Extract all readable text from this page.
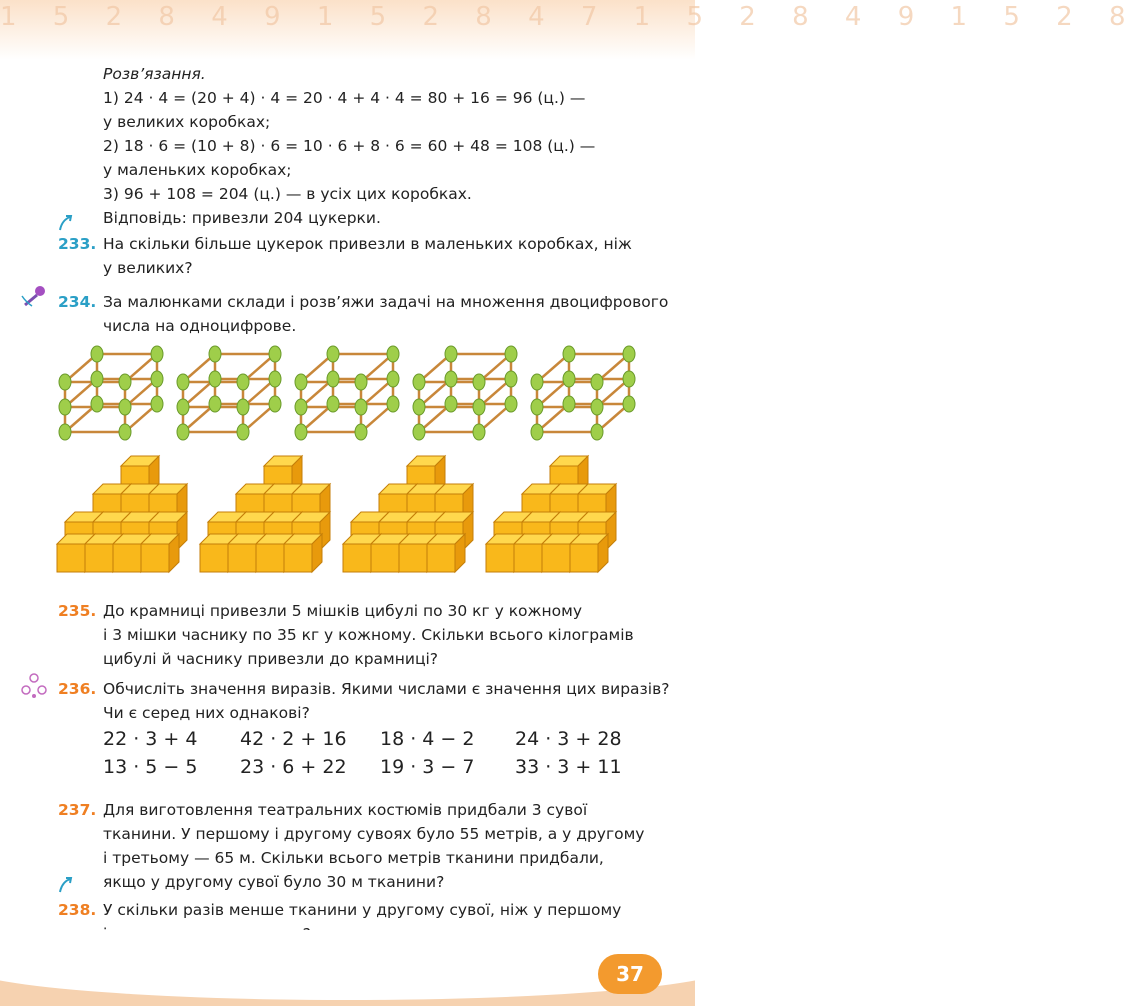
1 5 2 8 4 9 1 5 2 8 4 7 1 5 2 8 4 9 1 5 2 8
Розв’язання.
1) 24 · 4 = (20 + 4) · 4 = 20 · 4 + 4 · 4 = 80 + 16 = 96 (ц.) —
у великих коробках;
2) 18 · 6 = (10 + 8) · 6 = 10 · 6 + 8 · 6 = 60 + 48 = 108 (ц.) —
у маленьких коробках;
3) 96 + 108 = 204 (ц.) — в усіх цих коробках.
Відповідь: привезли 204 цукерки.
233. На скільки більше цукерок привезли в маленьких коробках, ніж
у великих?
234. За малюнками склади і розв’яжи задачі на множення двоцифрового
числа на одноцифрове.
235. До крамниці привезли 5 мішків цибулі по 30 кг у кожному
і 3 мішки часнику по 35 кг у кожному. Скільки всього кілограмів
цибулі й часнику привезли до крамниці?
236. Обчисліть значення виразів. Якими числами є значення цих виразів?
Чи є серед них однакові?
22 · 3 + 4 42 · 2 + 16 18 · 4 − 2 24 · 3 + 28
13 · 5 − 5 23 · 6 + 22 19 · 3 − 7 33 · 3 + 11
237. Для виготовлення театральних костюмів придбали 3 сувої
тканини. У першому і другому сувоях було 55 метрів, а у другому
і третьому — 65 м. Скільки всього метрів тканини придбали,
якщо у другому сувої було 30 м тканини?
238. У скільки разів менше тканини у другому сувої, ніж у першому
37
